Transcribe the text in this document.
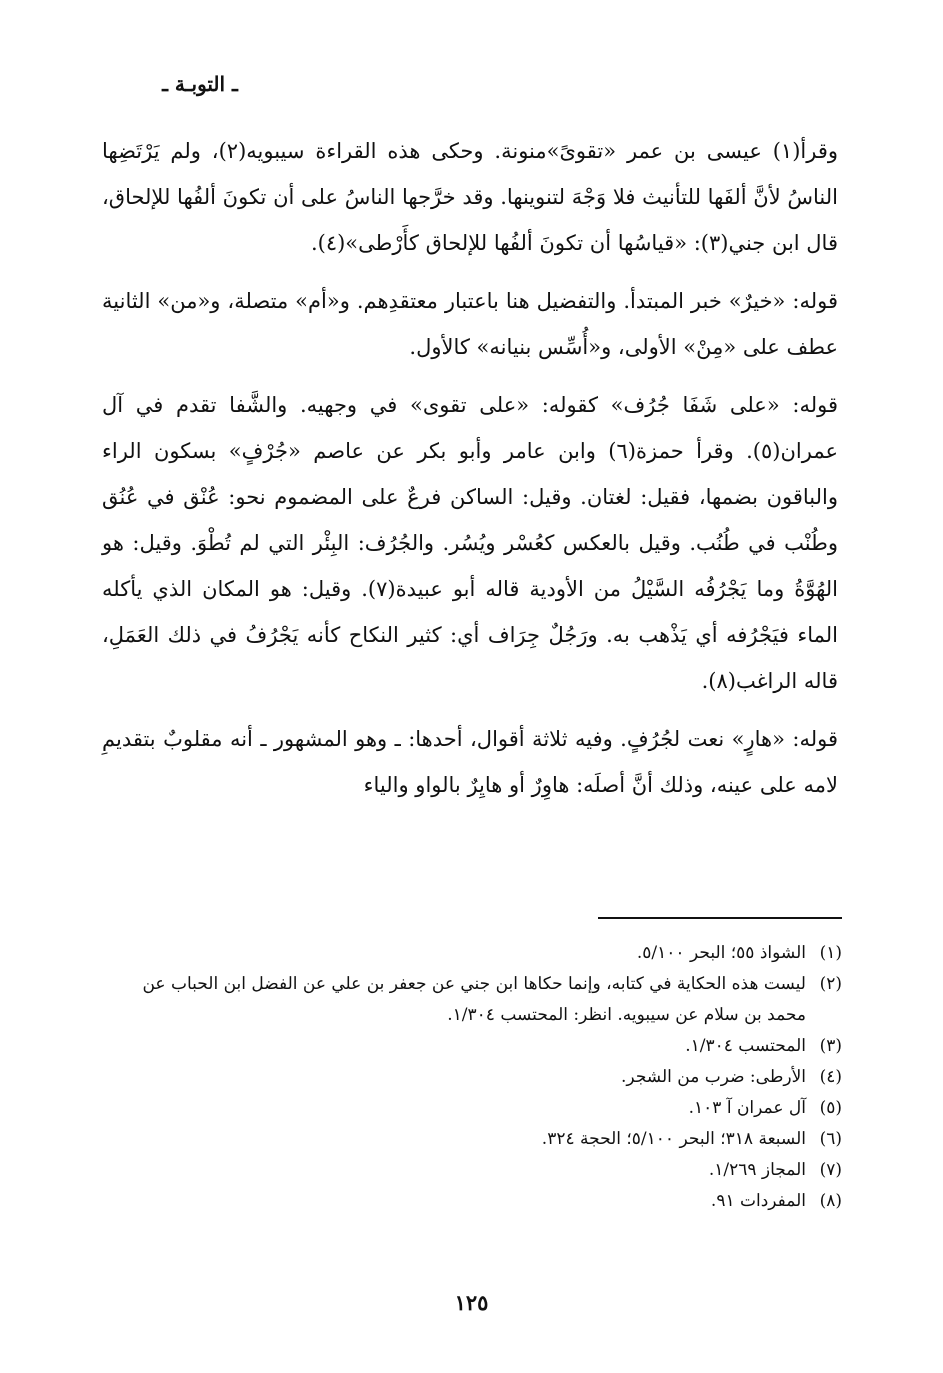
ـ التوبـة ـ

وقرأ(١) عيسى بن عمر «تقوىً»منونة. وحكى هذه القراءة سيبويه(٢)، ولم يَرْتَضِها الناسُ لأنَّ ألفَها للتأنيث فلا وَجْهَ لتنوينها. وقد خرَّجها الناسُ على أن تكونَ ألفُها للإلحاق، قال ابن جني(٣): «قياسُها أن تكونَ ألفُها للإلحاق كأَرْطى»(٤).

قوله: «خيرٌ» خبر المبتدأ. والتفضيل هنا باعتبار معتقدِهم. و«أم» متصلة، و«من» الثانية عطف على «مِنْ» الأولى، و«أُسِّس بنيانه» كالأول.

قوله: «على شَفَا جُرُف» كقوله: «على تقوى» في وجهيه. والشَّفا تقدم في آل عمران(٥). وقرأ حمزة(٦) وابن عامر وأبو بكر عن عاصم «جُرْفٍ» بسكون الراء والباقون بضمها، فقيل: لغتان. وقيل: الساكن فرعٌ على المضموم نحو: عُنْق في عُنُق وطُنْب في طُنُب. وقيل بالعكس كعُسْر ويُسُر. والجُرُف: البِئْر التي لم تُطْوَ. وقيل: هو الهُوَّةُ وما يَجْرُفُه السَّيْلُ من الأودية قاله أبو عبيدة(٧). وقيل: هو المكان الذي يأكله الماء فيَجْرُفه أي يَذْهب به. ورَجُلٌ جِرَاف أي: كثير النكاح كأنه يَجْرُفُ في ذلك العَمَلِ، قاله الراغب(٨).

قوله: «هارٍ» نعت لجُرُفٍ. وفيه ثلاثة أقوال، أحدها: ـ وهو المشهور ـ أنه مقلوبٌ بتقديمِ لامه على عينه، وذلك أنَّ أصلَه: هاوِرٌ أو هايِرٌ بالواو والياء

(١)
الشواذ ٥٥؛ البحر ٥/١٠٠.
(٢)
ليست هذه الحكاية في كتابه، وإنما حكاها ابن جني عن جعفر بن علي عن الفضل ابن الحباب عن محمد بن سلام عن سيبويه. انظر: المحتسب ١/٣٠٤.
(٣)
المحتسب ١/٣٠٤.
(٤)
الأرطى: ضرب من الشجر.
(٥)
آل عمران آ ١٠٣.
(٦)
السبعة ٣١٨؛ البحر ٥/١٠٠؛ الحجة ٣٢٤.
(٧)
المجاز ١/٢٦٩.
(٨)
المفردات ٩١.
١٢٥
